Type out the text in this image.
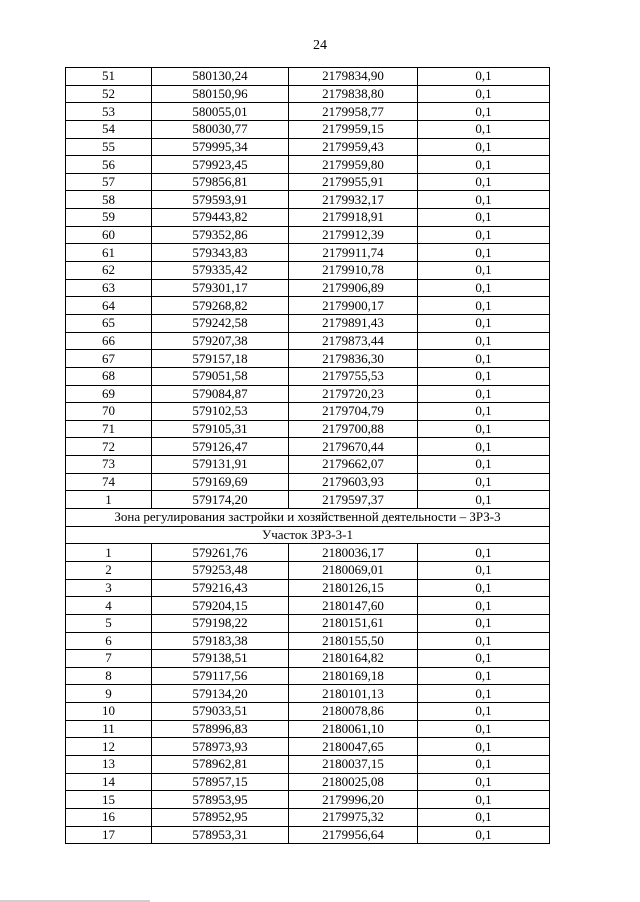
24
51	580130,24	2179834,90	0,1
52	580150,96	2179838,80	0,1
53	580055,01	2179958,77	0,1
54	580030,77	2179959,15	0,1
55	579995,34	2179959,43	0,1
56	579923,45	2179959,80	0,1
57	579856,81	2179955,91	0,1
58	579593,91	2179932,17	0,1
59	579443,82	2179918,91	0,1
60	579352,86	2179912,39	0,1
61	579343,83	2179911,74	0,1
62	579335,42	2179910,78	0,1
63	579301,17	2179906,89	0,1
64	579268,82	2179900,17	0,1
65	579242,58	2179891,43	0,1
66	579207,38	2179873,44	0,1
67	579157,18	2179836,30	0,1
68	579051,58	2179755,53	0,1
69	579084,87	2179720,23	0,1
70	579102,53	2179704,79	0,1
71	579105,31	2179700,88	0,1
72	579126,47	2179670,44	0,1
73	579131,91	2179662,07	0,1
74	579169,69	2179603,93	0,1
1	579174,20	2179597,37	0,1
Зона регулирования застройки и хозяйственной деятельности – ЗРЗ-3			
Участок ЗРЗ-3-1			
1	579261,76	2180036,17	0,1
2	579253,48	2180069,01	0,1
3	579216,43	2180126,15	0,1
4	579204,15	2180147,60	0,1
5	579198,22	2180151,61	0,1
6	579183,38	2180155,50	0,1
7	579138,51	2180164,82	0,1
8	579117,56	2180169,18	0,1
9	579134,20	2180101,13	0,1
10	579033,51	2180078,86	0,1
11	578996,83	2180061,10	0,1
12	578973,93	2180047,65	0,1
13	578962,81	2180037,15	0,1
14	578957,15	2180025,08	0,1
15	578953,95	2179996,20	0,1
16	578952,95	2179975,32	0,1
17	578953,31	2179956,64	0,1
